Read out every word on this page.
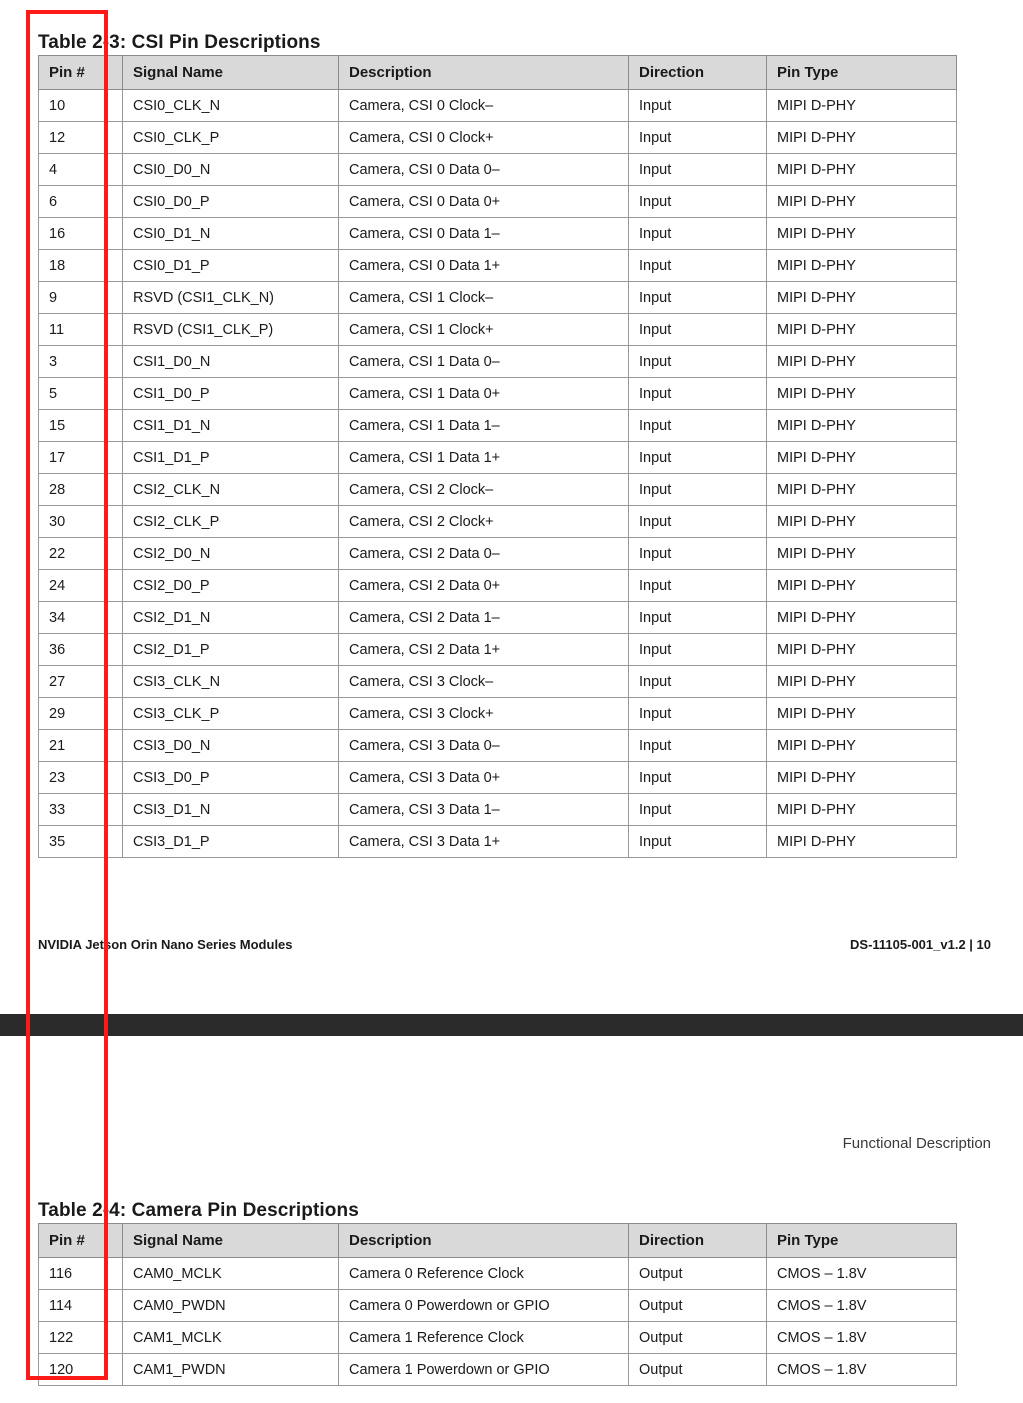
Table 2-3: CSI Pin Descriptions
Pin #	Signal Name	Description	Direction	Pin Type
10	CSI0_CLK_N	Camera, CSI 0 Clock–	Input	MIPI D-PHY
12	CSI0_CLK_P	Camera, CSI 0 Clock+	Input	MIPI D-PHY
4	CSI0_D0_N	Camera, CSI 0 Data 0–	Input	MIPI D-PHY
6	CSI0_D0_P	Camera, CSI 0 Data 0+	Input	MIPI D-PHY
16	CSI0_D1_N	Camera, CSI 0 Data 1–	Input	MIPI D-PHY
18	CSI0_D1_P	Camera, CSI 0 Data 1+	Input	MIPI D-PHY
9	RSVD (CSI1_CLK_N)	Camera, CSI 1 Clock–	Input	MIPI D-PHY
11	RSVD (CSI1_CLK_P)	Camera, CSI 1 Clock+	Input	MIPI D-PHY
3	CSI1_D0_N	Camera, CSI 1 Data 0–	Input	MIPI D-PHY
5	CSI1_D0_P	Camera, CSI 1 Data 0+	Input	MIPI D-PHY
15	CSI1_D1_N	Camera, CSI 1 Data 1–	Input	MIPI D-PHY
17	CSI1_D1_P	Camera, CSI 1 Data 1+	Input	MIPI D-PHY
28	CSI2_CLK_N	Camera, CSI 2 Clock–	Input	MIPI D-PHY
30	CSI2_CLK_P	Camera, CSI 2 Clock+	Input	MIPI D-PHY
22	CSI2_D0_N	Camera, CSI 2 Data 0–	Input	MIPI D-PHY
24	CSI2_D0_P	Camera, CSI 2 Data 0+	Input	MIPI D-PHY
34	CSI2_D1_N	Camera, CSI 2 Data 1–	Input	MIPI D-PHY
36	CSI2_D1_P	Camera, CSI 2 Data 1+	Input	MIPI D-PHY
27	CSI3_CLK_N	Camera, CSI 3 Clock–	Input	MIPI D-PHY
29	CSI3_CLK_P	Camera, CSI 3 Clock+	Input	MIPI D-PHY
21	CSI3_D0_N	Camera, CSI 3 Data 0–	Input	MIPI D-PHY
23	CSI3_D0_P	Camera, CSI 3 Data 0+	Input	MIPI D-PHY
33	CSI3_D1_N	Camera, CSI 3 Data 1–	Input	MIPI D-PHY
35	CSI3_D1_P	Camera, CSI 3 Data 1+	Input	MIPI D-PHY
NVIDIA Jetson Orin Nano Series Modules	DS-11105-001_v1.2 | 10
Functional Description
Table 2-4: Camera Pin Descriptions
Pin #	Signal Name	Description	Direction	Pin Type
116	CAM0_MCLK	Camera 0 Reference Clock	Output	CMOS – 1.8V
114	CAM0_PWDN	Camera 0 Powerdown or GPIO	Output	CMOS – 1.8V
122	CAM1_MCLK	Camera 1 Reference Clock	Output	CMOS – 1.8V
120	CAM1_PWDN	Camera 1 Powerdown or GPIO	Output	CMOS – 1.8V
